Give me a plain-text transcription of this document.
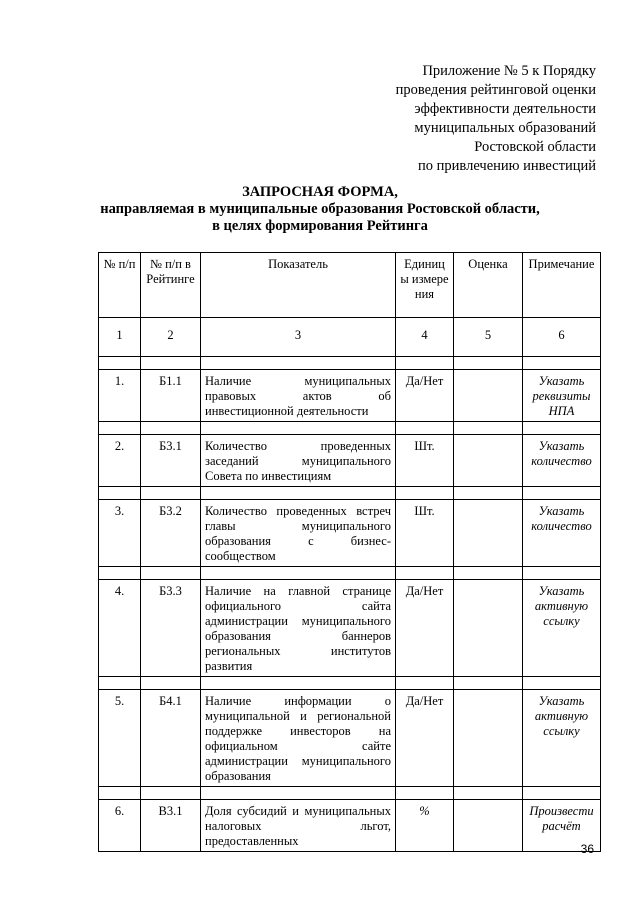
Приложение № 5 к Порядку
проведения рейтинговой оценки
эффективности деятельности
муниципальных образований
Ростовской области
по привлечению инвестиций
ЗАПРОСНАЯ ФОРМА,
направляемая в муниципальные образования Ростовской области,
в целях формирования Рейтинга
№ п/п	№ п/п в Рейтинге	Показатель	Единицы измерения	Оценка	Примечание
1	2	3	4	5	6

1.	Б1.1	Наличие муниципальных правовых актов об инвестиционной деятельности	Да/Нет		Указать реквизиты НПА

2.	Б3.1	Количество проведенных заседаний муниципального Совета по инвестициям	Шт.		Указать количество

3.	Б3.2	Количество проведенных встреч главы муниципального образования с бизнес-сообществом	Шт.		Указать количество

4.	Б3.3	Наличие на главной странице официального сайта администрации муниципального образования баннеров региональных институтов развития	Да/Нет		Указать активную ссылку

5.	Б4.1	Наличие информации о муниципальной и региональной поддержке инвесторов на официальном сайте администрации муниципального образования	Да/Нет		Указать активную ссылку

6.	В3.1	Доля субсидий и муниципальных налоговых льгот, предоставленных	%		Произвести расчёт
36
